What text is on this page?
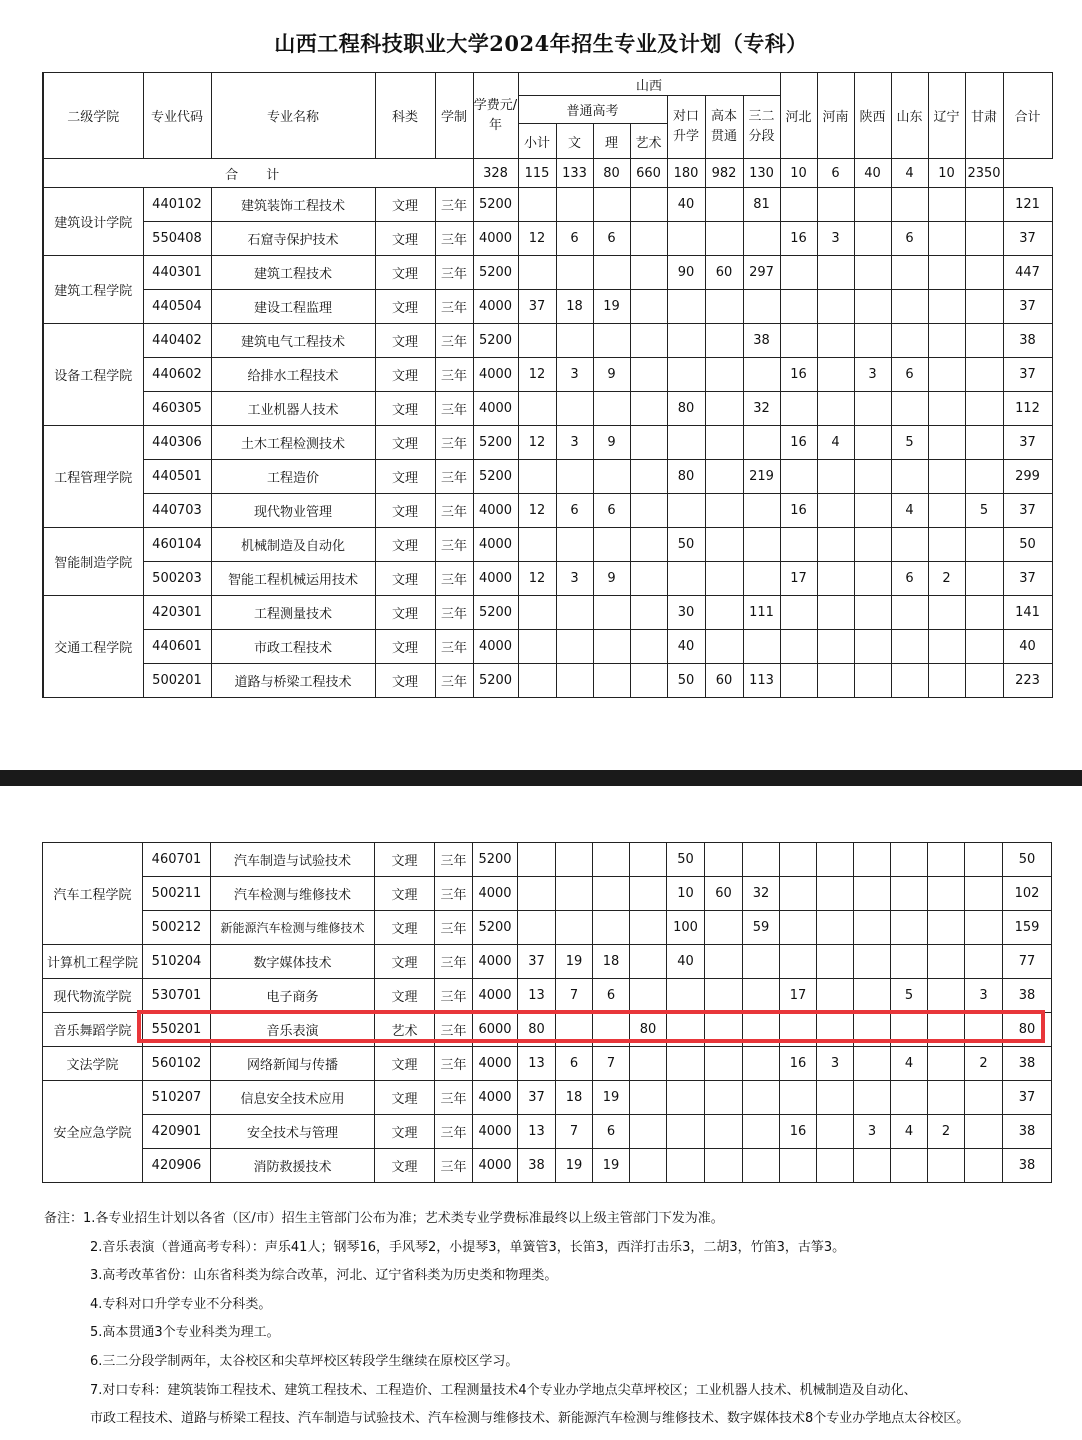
山西工程科技职业大学2024年招生专业及计划（专科）
二级学院	专业代码	专业名称	科类	学制	学费元/年	山西							河北	河南	陕西	山东	辽宁	甘肃	合计
						普通高考				对口升学	高本贯通	三二分段							
						小计	文	理	艺术										
合 计					328	115	133	80	660	180	982	130	10	6	40	4	10	2350	
建筑设计学院	440102	建筑装饰工程技术	文理	三年	5200					40		81							121
	550408	石窟寺保护技术	文理	三年	4000	12	6	6					16	3		6			37
建筑工程学院	440301	建筑工程技术	文理	三年	5200					90	60	297							447
	440504	建设工程监理	文理	三年	4000	37	18	19											37
设备工程学院	440402	建筑电气工程技术	文理	三年	5200							38							38
	440602	给排水工程技术	文理	三年	4000	12	3	9					16		3	6			37
	460305	工业机器人技术	文理	三年	4000					80		32							112
工程管理学院	440306	土木工程检测技术	文理	三年	5200	12	3	9					16	4		5			37
	440501	工程造价	文理	三年	5200					80		219							299
	440703	现代物业管理	文理	三年	4000	12	6	6					16			4		5	37
智能制造学院	460104	机械制造及自动化	文理	三年	4000					50									50
	500203	智能工程机械运用技术	文理	三年	4000	12	3	9					17			6	2		37
交通工程学院	420301	工程测量技术	文理	三年	5200					30		111							141
	440601	市政工程技术	文理	三年	4000					40									40
	500201	道路与桥梁工程技术	文理	三年	5200					50	60	113							223
汽车工程学院	460701	汽车制造与试验技术	文理	三年	5200					50									50
	500211	汽车检测与维修技术	文理	三年	4000					10	60	32							102
	500212	新能源汽车检测与维修技术	文理	三年	5200					100		59							159
计算机工程学院	510204	数字媒体技术	文理	三年	4000	37	19	18		40									77
现代物流学院	530701	电子商务	文理	三年	4000	13	7	6					17			5		3	38
音乐舞蹈学院	550201	音乐表演	艺术	三年	6000	80			80										80
文法学院	560102	网络新闻与传播	文理	三年	4000	13	6	7					16	3		4		2	38
安全应急学院	510207	信息安全技术应用	文理	三年	4000	37	18	19											37
	420901	安全技术与管理	文理	三年	4000	13	7	6					16		3	4	2		38
	420906	消防救援技术	文理	三年	4000	38	19	19											38
备注：1.各专业招生计划以各省（区/市）招生主管部门公布为准；艺术类专业学费标准最终以上级主管部门下发为准。
2.音乐表演（普通高考专科）：声乐41人；钢琴16，手风琴2，小提琴3，单簧管3，长笛3，西洋打击乐3，二胡3，竹笛3，古筝3。
3.高考改革省份：山东省科类为综合改革，河北、辽宁省科类为历史类和物理类。
4.专科对口升学专业不分科类。
5.高本贯通3个专业科类为理工。
6.三二分段学制两年，太谷校区和尖草坪校区转段学生继续在原校区学习。
7.对口专科：建筑装饰工程技术、建筑工程技术、工程造价、工程测量技术4个专业办学地点尖草坪校区；工业机器人技术、机械制造及自动化、
市政工程技术、道路与桥梁工程技、汽车制造与试验技术、汽车检测与维修技术、新能源汽车检测与维修技术、数字媒体技术8个专业办学地点太谷校区。
